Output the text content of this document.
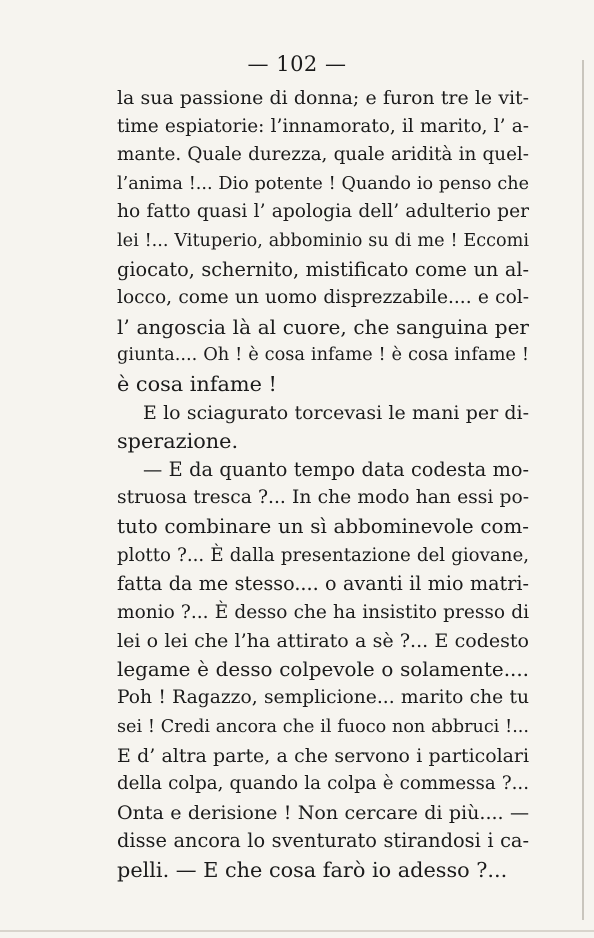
— 102 —
la sua passione di donna; e furon tre le vit-
time espiatorie: l’innamorato, il marito, l’ a-
mante. Quale durezza, quale aridità in quel-
l’anima !... Dio potente ! Quando io penso che
ho fatto quasi l’ apologia dell’ adulterio per
lei !... Vituperio, abbominio su di me ! Eccomi
giocato, schernito, mistificato come un al-
locco, come un uomo disprezzabile.... e col-
l’ angoscia là al cuore, che sanguina per
giunta.... Oh ! è cosa infame ! è cosa infame !
è cosa infame !
E lo sciagurato torcevasi le mani per di-
sperazione.
— E da quanto tempo data codesta mo-
struosa tresca ?... In che modo han essi po-
tuto combinare un sì abbominevole com-
plotto ?... È dalla presentazione del giovane,
fatta da me stesso.... o avanti il mio matri-
monio ?... È desso che ha insistito presso di
lei o lei che l’ha attirato a sè ?... E codesto
legame è desso colpevole o solamente....
Poh ! Ragazzo, semplicione... marito che tu
sei ! Credi ancora che il fuoco non abbruci !...
E d’ altra parte, a che servono i particolari
della colpa, quando la colpa è commessa ?...
Onta e derisione ! Non cercare di più.... —
disse ancora lo sventurato stirandosi i ca-
pelli. — E che cosa farò io adesso ?...
